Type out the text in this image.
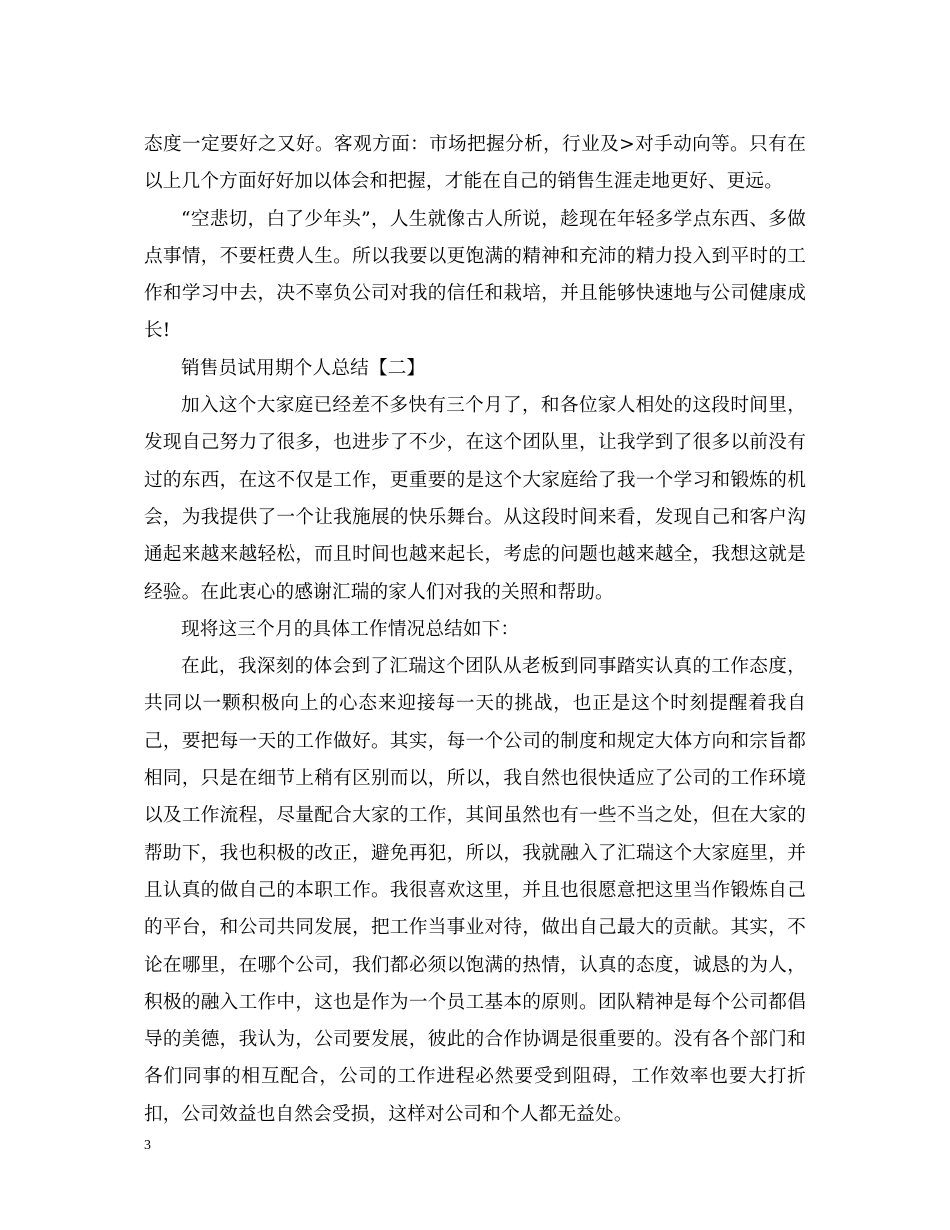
态度一定要好之又好。客观方面：市场把握分析，行业及>对手动向等。只有在以上几个方面好好加以体会和把握，才能在自己的销售生涯走地更好、更远。

“空悲切，白了少年头”，人生就像古人所说，趁现在年轻多学点东西、多做点事情，不要枉费人生。所以我要以更饱满的精神和充沛的精力投入到平时的工作和学习中去，决不辜负公司对我的信任和栽培，并且能够快速地与公司健康成长!

销售员试用期个人总结【二】

加入这个大家庭已经差不多快有三个月了，和各位家人相处的这段时间里，发现自己努力了很多，也进步了不少，在这个团队里，让我学到了很多以前没有过的东西，在这不仅是工作，更重要的是这个大家庭给了我一个学习和锻炼的机会，为我提供了一个让我施展的快乐舞台。从这段时间来看，发现自己和客户沟通起来越来越轻松，而且时间也越来起长，考虑的问题也越来越全，我想这就是经验。在此衷心的感谢汇瑞的家人们对我的关照和帮助。

现将这三个月的具体工作情况总结如下：

在此，我深刻的体会到了汇瑞这个团队从老板到同事踏实认真的工作态度，共同以一颗积极向上的心态来迎接每一天的挑战，也正是这个时刻提醒着我自己，要把每一天的工作做好。其实，每一个公司的制度和规定大体方向和宗旨都相同，只是在细节上稍有区别而以，所以，我自然也很快适应了公司的工作环境以及工作流程，尽量配合大家的工作，其间虽然也有一些不当之处，但在大家的帮助下，我也积极的改正，避免再犯，所以，我就融入了汇瑞这个大家庭里，并且认真的做自己的本职工作。我很喜欢这里，并且也很愿意把这里当作锻炼自己的平台，和公司共同发展，把工作当事业对待，做出自己最大的贡献。其实，不论在哪里，在哪个公司，我们都必须以饱满的热情，认真的态度，诚恳的为人，积极的融入工作中，这也是作为一个员工基本的原则。团队精神是每个公司都倡导的美德，我认为，公司要发展，彼此的合作协调是很重要的。没有各个部门和各们同事的相互配合，公司的工作进程必然要受到阻碍，工作效率也要大打折扣，公司效益也自然会受损，这样对公司和个人都无益处。

3
